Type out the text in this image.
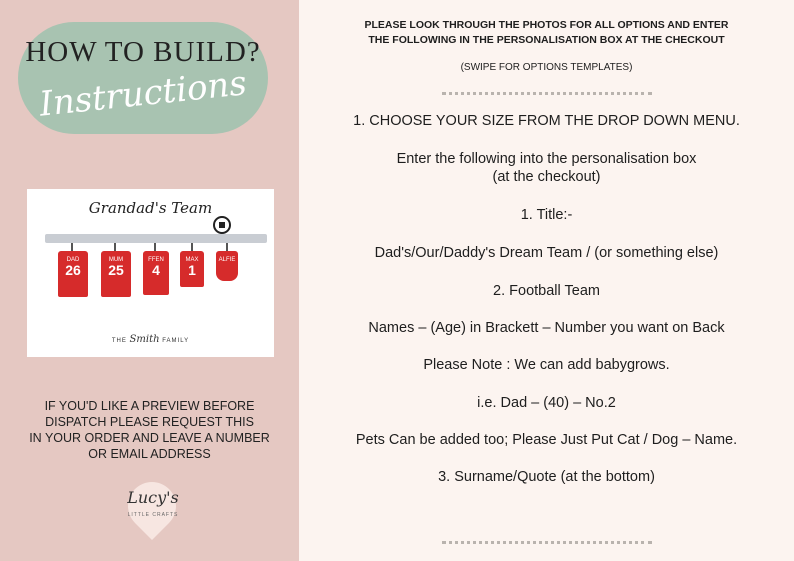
HOW TO BUILD?
Instructions
Grandad's Team
DAD
26
MUM
25
FFEN
4
MAX
1
ALFIE
THE Smith FAMILY
IF YOU'D LIKE A PREVIEW BEFORE
DISPATCH PLEASE REQUEST THIS
IN YOUR ORDER AND LEAVE A NUMBER
OR EMAIL ADDRESS
Lucy's
LITTLE CRAFTS
PLEASE LOOK THROUGH THE PHOTOS FOR ALL OPTIONS AND ENTER
THE FOLLOWING IN THE PERSONALISATION BOX AT THE CHECKOUT
(SWIPE FOR OPTIONS TEMPLATES)
1. CHOOSE YOUR SIZE FROM THE DROP DOWN MENU.
Enter the following into the personalisation box
(at the checkout)
1. Title:-
Dad's/Our/Daddy's Dream Team / (or something else)
2. Football Team
Names – (Age) in Brackett – Number you want on Back
Please Note : We can add babygrows.
i.e. Dad – (40) – No.2
Pets Can be added too; Please Just Put Cat / Dog – Name.
3. Surname/Quote (at the bottom)
